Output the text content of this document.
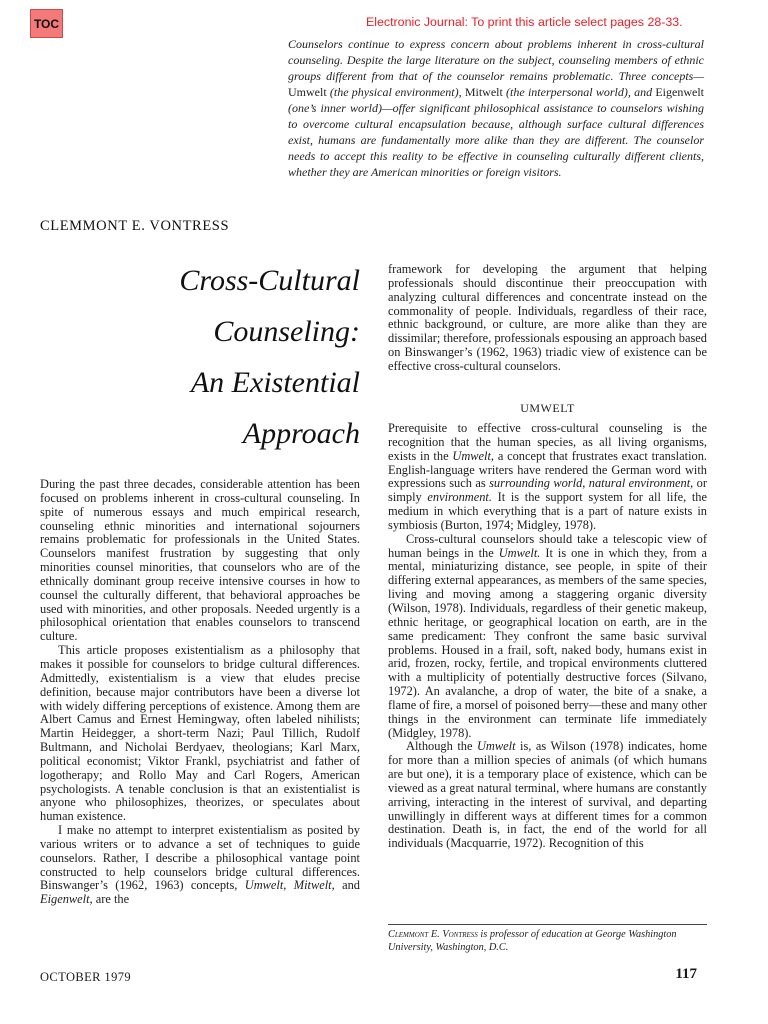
TOC	Electronic Journal: To print this article select pages 28-33.
Counselors continue to express concern about problems inherent in cross-cultural counseling. Despite the large literature on the subject, counseling members of ethnic groups different from that of the counselor remains problematic. Three concepts—Umwelt (the physical environment), Mitwelt (the interpersonal world), and Eigenwelt (one’s inner world)—offer significant philosophical assistance to counselors wishing to overcome cultural encapsulation because, although surface cultural differences exist, humans are fundamentally more alike than they are different. The counselor needs to accept this reality to be effective in counseling culturally different clients, whether they are American minorities or foreign visitors.
CLEMMONT E. VONTRESS
Cross-Cultural
Counseling:
An Existential
Approach

During the past three decades, considerable attention has been focused on problems inherent in cross-cultural counseling. In spite of numerous essays and much empirical research, counseling ethnic minorities and international sojourners remains problematic for professionals in the United States. Counselors manifest frustration by suggesting that only minorities counsel minorities, that counselors who are of the ethnically dominant group receive intensive courses in how to counsel the culturally different, that behavioral approaches be used with minorities, and other proposals. Needed urgently is a philosophical orientation that enables counselors to transcend culture.

This article proposes existentialism as a philosophy that makes it possible for counselors to bridge cultural differences. Admittedly, existentialism is a view that eludes precise definition, because major contributors have been a diverse lot with widely differing perceptions of existence. Among them are Albert Camus and Ernest Hemingway, often labeled nihilists; Martin Heidegger, a short-term Nazi; Paul Tillich, Rudolf Bultmann, and Nicholai Berdyaev, theologians; Karl Marx, political economist; Viktor Frankl, psychiatrist and father of logotherapy; and Rollo May and Carl Rogers, American psychologists. A tenable conclusion is that an existentialist is anyone who philosophizes, theorizes, or speculates about human existence.

I make no attempt to interpret existentialism as posited by various writers or to advance a set of techniques to guide counselors. Rather, I describe a philosophical vantage point constructed to help counselors bridge cultural differences. Binswanger’s (1962, 1963) concepts, Umwelt, Mitwelt, and Eigenwelt, are the

framework for developing the argument that helping professionals should discontinue their preoccupation with analyzing cultural differences and concentrate instead on the commonality of people. Individuals, regardless of their race, ethnic background, or culture, are more alike than they are dissimilar; therefore, professionals espousing an approach based on Binswanger’s (1962, 1963) triadic view of existence can be effective cross-cultural counselors.

UMWELT

Prerequisite to effective cross-cultural counseling is the recognition that the human species, as all living organisms, exists in the Umwelt, a concept that frustrates exact translation. English-language writers have rendered the German word with expressions such as surrounding world, natural environment, or simply environment. It is the support system for all life, the medium in which everything that is a part of nature exists in symbiosis (Burton, 1974; Midgley, 1978).

Cross-cultural counselors should take a telescopic view of human beings in the Umwelt. It is one in which they, from a mental, miniaturizing distance, see people, in spite of their differing external appearances, as members of the same species, living and moving among a staggering organic diversity (Wilson, 1978). Individuals, regardless of their genetic makeup, ethnic heritage, or geographical location on earth, are in the same predicament: They confront the same basic survival problems. Housed in a frail, soft, naked body, humans exist in arid, frozen, rocky, fertile, and tropical environments cluttered with a multiplicity of potentially destructive forces (Silvano, 1972). An avalanche, a drop of water, the bite of a snake, a flame of fire, a morsel of poisoned berry—these and many other things in the environment can terminate life immediately (Midgley, 1978).

Although the Umwelt is, as Wilson (1978) indicates, home for more than a million species of animals (of which humans are but one), it is a temporary place of existence, which can be viewed as a great natural terminal, where humans are constantly arriving, interacting in the interest of survival, and departing unwillingly in different ways at different times for a common destination. Death is, in fact, the end of the world for all individuals (Macquarrie, 1972). Recognition of this

Clemmont E. Vontress is professor of education at George Washington University, Washington, D.C.
OCTOBER 1979	117
